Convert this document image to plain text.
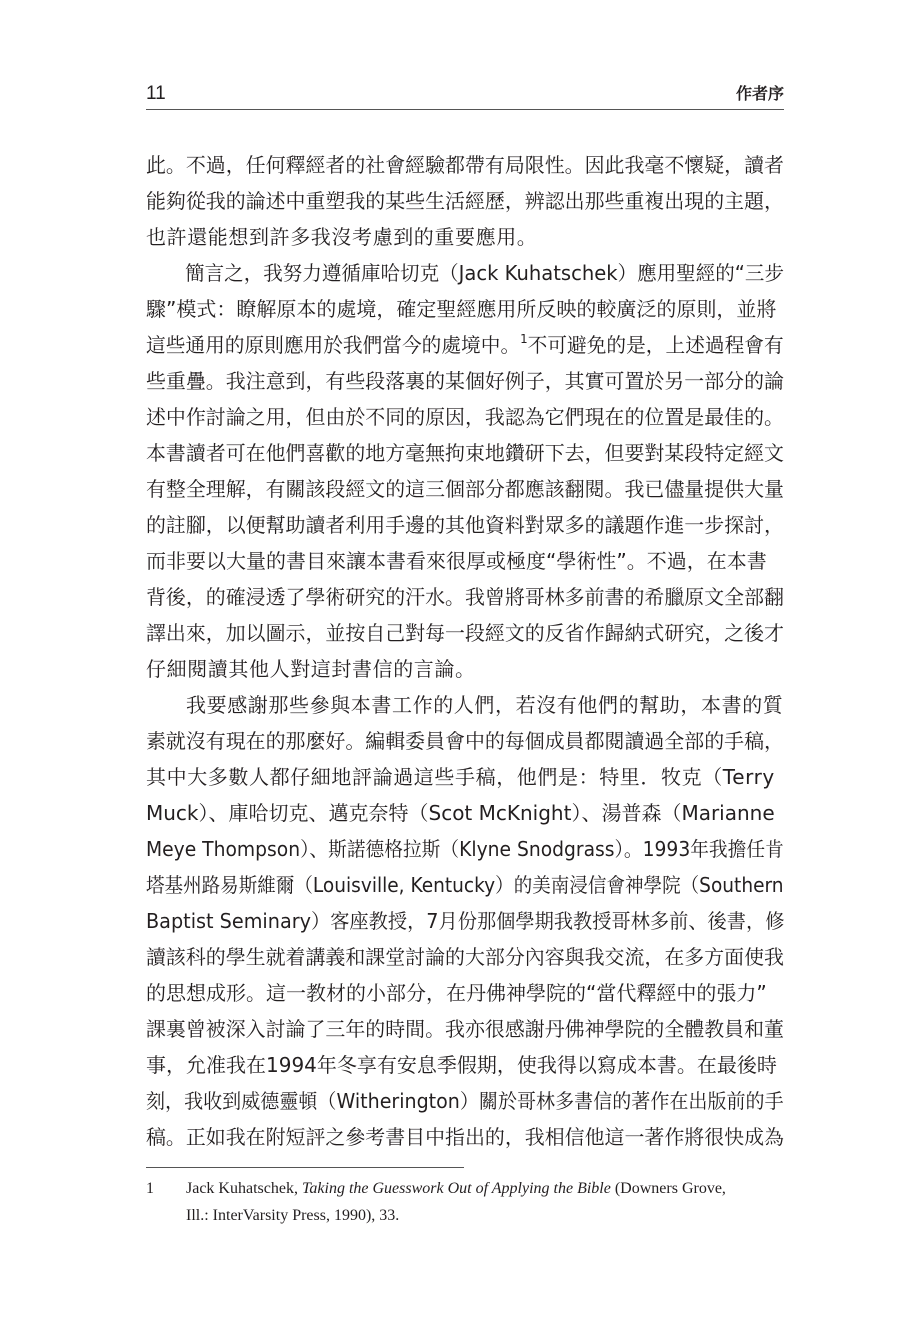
11	作者序
此。不過，任何釋經者的社會經驗都帶有局限性。因此我毫不懷疑，讀者
能夠從我的論述中重塑我的某些生活經歷，辨認出那些重複出現的主題，
也許還能想到許多我沒考慮到的重要應用。
簡言之，我努力遵循庫哈切克（Jack Kuhatschek）應用聖經的“三步
驟”模式：瞭解原本的處境，確定聖經應用所反映的較廣泛的原則，並將
這些通用的原則應用於我們當今的處境中。$^1$不可避免的是，上述過程會有
些重疊。我注意到，有些段落裏的某個好例子，其實可置於另一部分的論
述中作討論之用，但由於不同的原因，我認為它們現在的位置是最佳的。
本書讀者可在他們喜歡的地方毫無拘束地鑽研下去，但要對某段特定經文
有整全理解，有關該段經文的這三個部分都應該翻閱。我已儘量提供大量
的註腳，以便幫助讀者利用手邊的其他資料對眾多的議題作進一步探討，
而非要以大量的書目來讓本書看來很厚或極度“學術性”。不過，在本書
背後，的確浸透了學術研究的汗水。我曾將哥林多前書的希臘原文全部翻
譯出來，加以圖示，並按自己對每一段經文的反省作歸納式研究，之後才
仔細閱讀其他人對這封書信的言論。
我要感謝那些參與本書工作的人們，若沒有他們的幫助，本書的質
素就沒有現在的那麼好。編輯委員會中的每個成員都閱讀過全部的手稿，
其中大多數人都仔細地評論過這些手稿，他們是：特里．牧克（Terry
Muck）、庫哈切克、邁克奈特（Scot McKnight）、湯普森（Marianne
Meye Thompson）、斯諾德格拉斯（Klyne Snodgrass）。1993年我擔任肯
塔基州路易斯維爾（Louisville, Kentucky）的美南浸信會神學院（Southern
Baptist Seminary）客座教授，7月份那個學期我教授哥林多前、後書，修
讀該科的學生就着講義和課堂討論的大部分內容與我交流，在多方面使我
的思想成形。這一教材的小部分，在丹佛神學院的“當代釋經中的張力”
課裏曾被深入討論了三年的時間。我亦很感謝丹佛神學院的全體教員和董
事，允准我在1994年冬享有安息季假期，使我得以寫成本書。在最後時
刻，我收到威德靈頓（Witherington）關於哥林多書信的著作在出版前的手
稿。正如我在附短評之參考書目中指出的，我相信他這一著作將很快成為
1 Jack Kuhatschek, Taking the Guesswork Out of Applying the Bible (Downers Grove,
Ill.: InterVarsity Press, 1990), 33.
